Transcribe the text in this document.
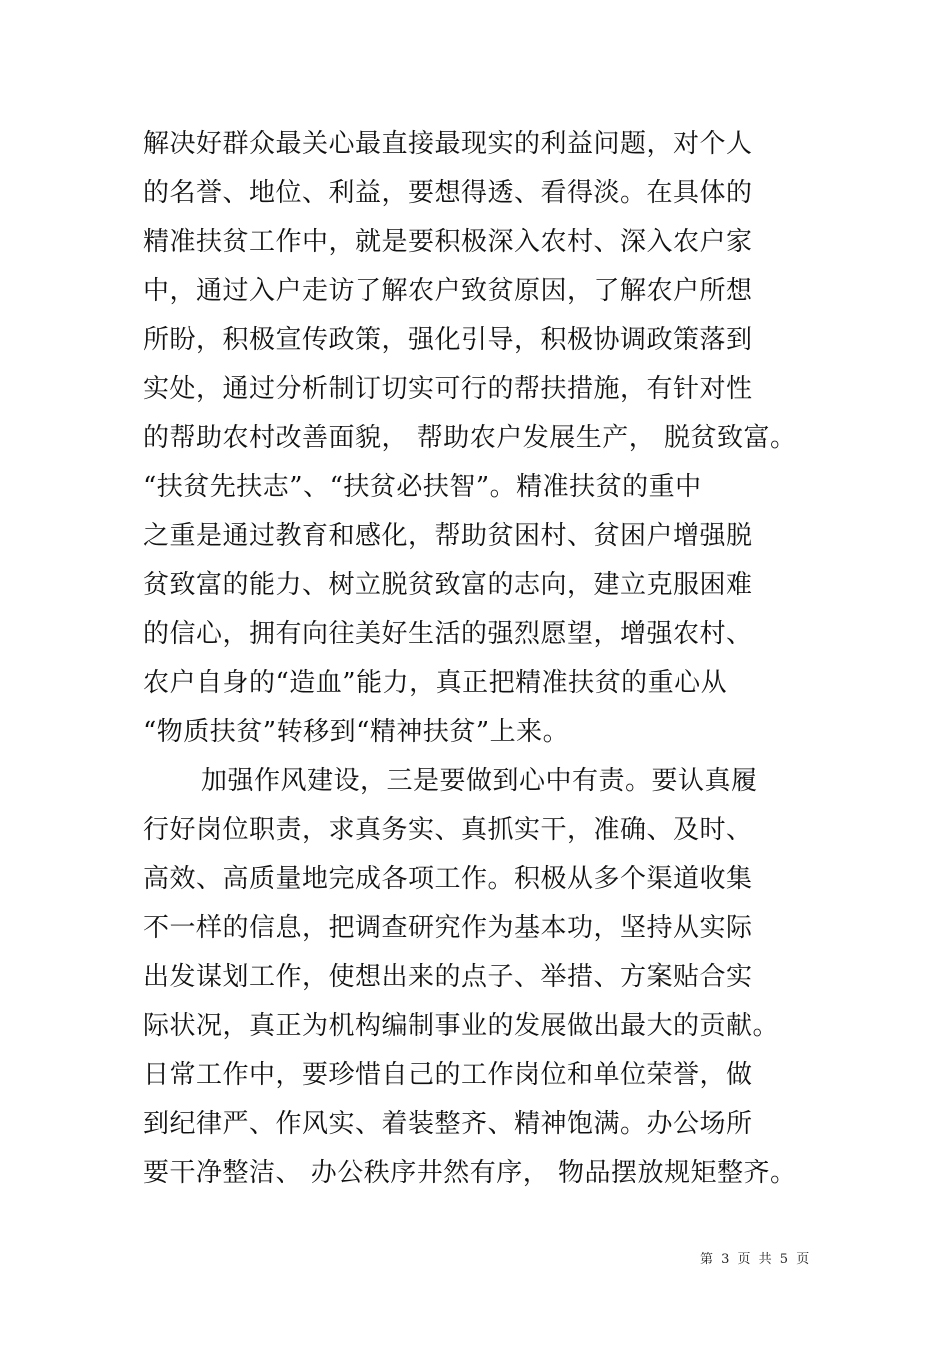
解决好群众最关心最直接最现实的利益问题，对个人
的名誉、地位、利益，要想得透、看得淡。在具体的
精准扶贫工作中，就是要积极深入农村、深入农户家
中，通过入户走访了解农户致贫原因，了解农户所想
所盼，积极宣传政策，强化引导，积极协调政策落到
实处，通过分析制订切实可行的帮扶措施，有针对性
的帮助农村改善面貌， 帮助农户发展生产， 脱贫致富。
“扶贫先扶志”、“扶贫必扶智”。精准扶贫的重中
之重是通过教育和感化，帮助贫困村、贫困户增强脱
贫致富的能力、树立脱贫致富的志向，建立克服困难
的信心，拥有向往美好生活的强烈愿望，增强农村、
农户自身的“造血”能力，真正把精准扶贫的重心从
“物质扶贫”转移到“精神扶贫”上来。
加强作风建设，三是要做到心中有责。要认真履
行好岗位职责，求真务实、真抓实干，准确、及时、
高效、高质量地完成各项工作。积极从多个渠道收集
不一样的信息，把调查研究作为基本功，坚持从实际
出发谋划工作，使想出来的点子、举措、方案贴合实
际状况，真正为机构编制事业的发展做出最大的贡献。
日常工作中，要珍惜自己的工作岗位和单位荣誉，做
到纪律严、作风实、着装整齐、精神饱满。办公场所
要干净整洁、 办公秩序井然有序， 物品摆放规矩整齐。
第 3 页 共 5 页
